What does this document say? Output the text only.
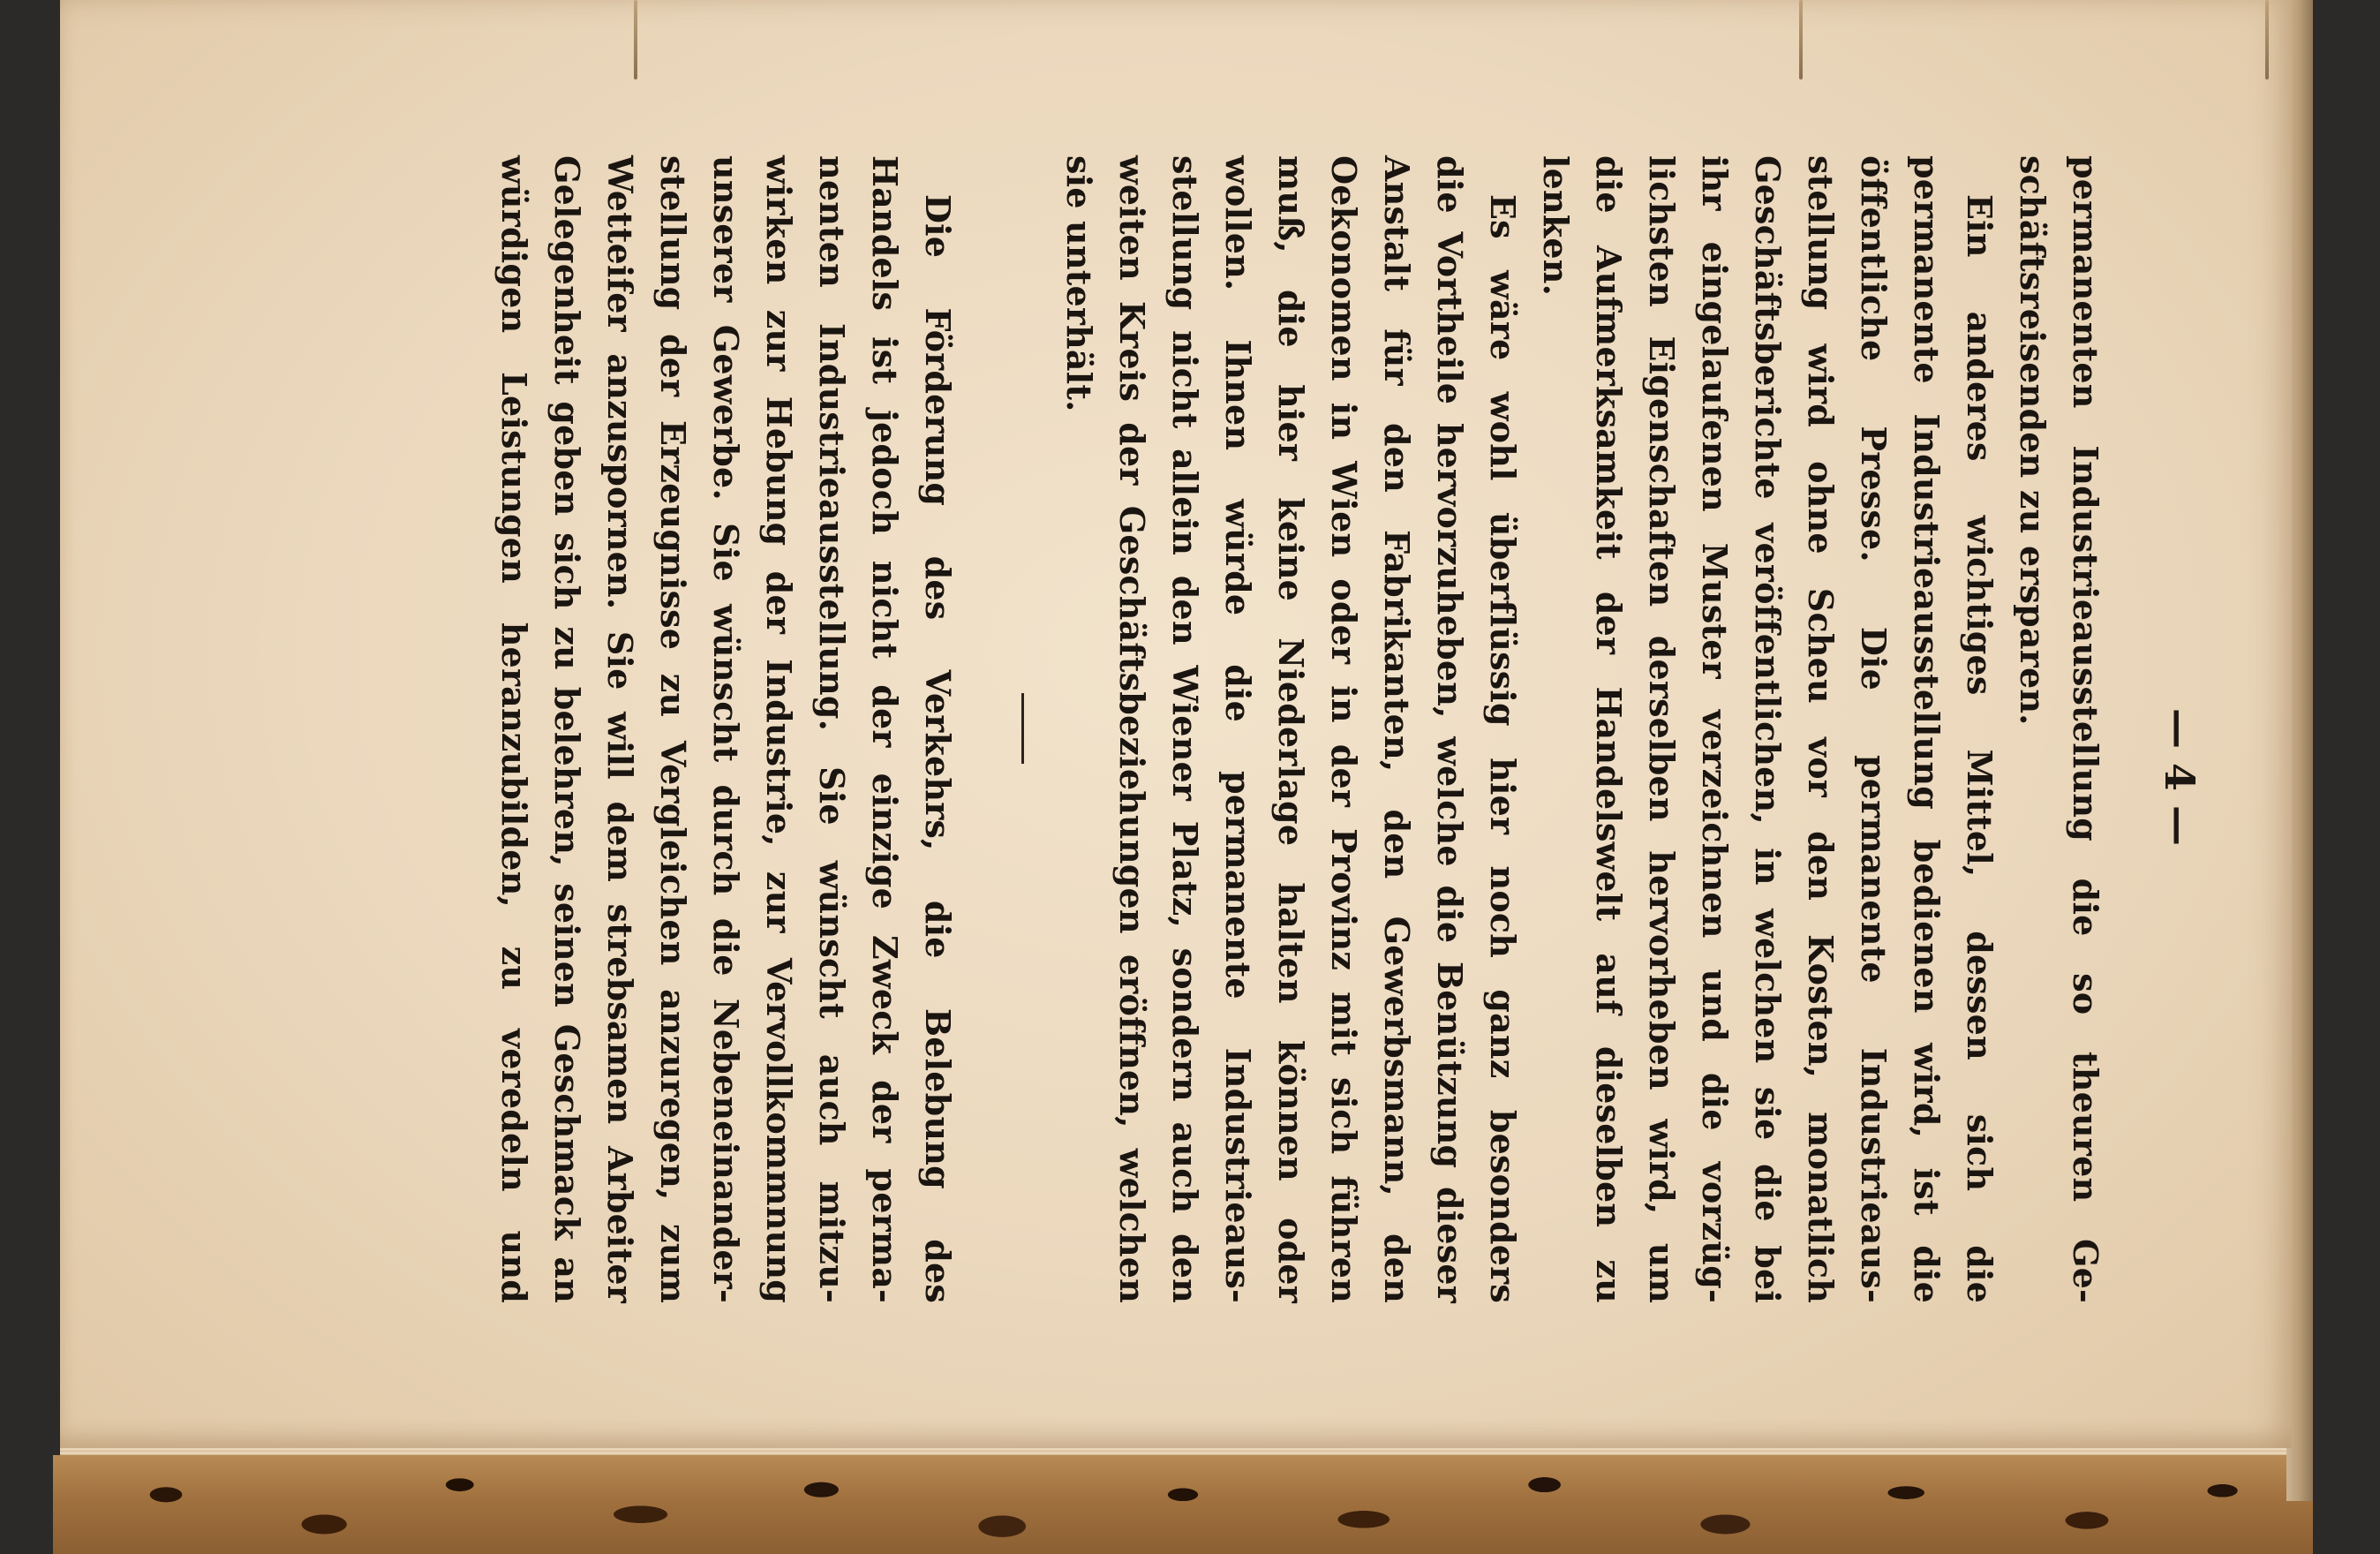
— 4 —
permanenten Industrieausstellung die so theuren Ge-
schäftsreisenden zu ersparen.
Ein anderes wichtiges Mittel, dessen sich die
permanente Industrieausstellung bedienen wird, ist die
öffentliche Presse. Die permanente Industrieaus-
stellung wird ohne Scheu vor den Kosten, monatlich
Geschäftsberichte veröffentlichen, in welchen sie die bei
ihr eingelaufenen Muster verzeichnen und die vorzüg-
lichsten Eigenschaften derselben hervorheben wird, um
die Aufmerksamkeit der Handelswelt auf dieselben zu
lenken.
Es wäre wohl überflüssig hier noch ganz besonders
die Vortheile hervorzuheben, welche die Benützung dieser
Anstalt für den Fabrikanten, den Gewerbsmann, den
Oekonomen in Wien oder in der Provinz mit sich führen
muß, die hier keine Niederlage halten können oder
wollen. Ihnen würde die permanente Industrieaus-
stellung nicht allein den Wiener Platz, sondern auch den
weiten Kreis der Geschäftsbeziehungen eröffnen, welchen
sie unterhält.
Die Förderung des Verkehrs, die Belebung des
Handels ist jedoch nicht der einzige Zweck der perma-
nenten Industrieausstellung. Sie wünscht auch mitzu-
wirken zur Hebung der Industrie, zur Vervollkommnung
unserer Gewerbe. Sie wünscht durch die Nebeneinander-
stellung der Erzeugnisse zu Vergleichen anzuregen, zum
Wetteifer anzuspornen. Sie will dem strebsamen Arbeiter
Gelegenheit geben sich zu belehren, seinen Geschmack an
würdigen Leistungen heranzubilden, zu veredeln und
